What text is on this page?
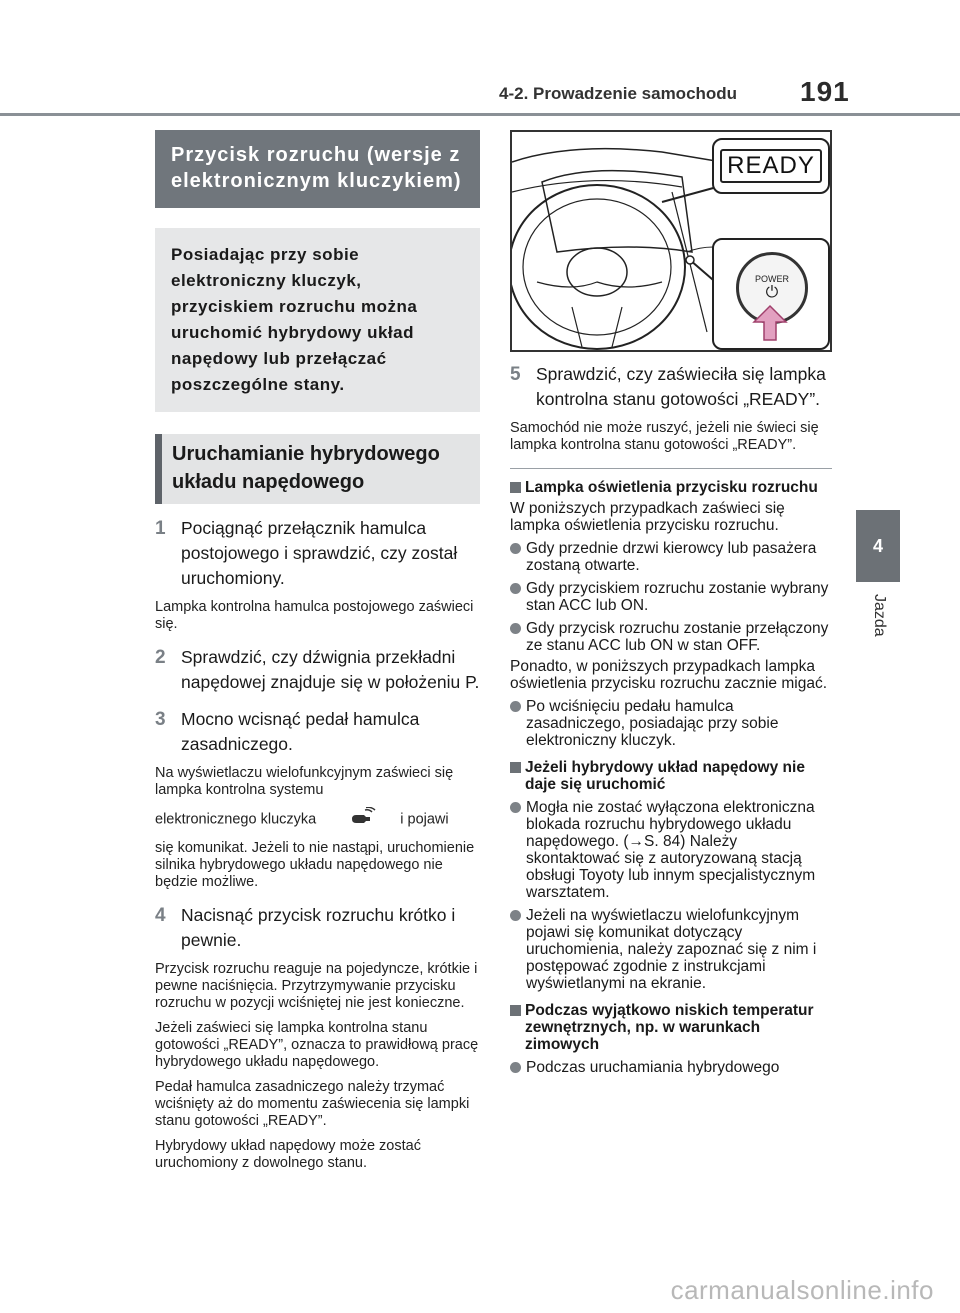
4-2. Prowadzenie samochodu 191
4
Jazda
Przycisk rozruchu (wersje z elektronicznym kluczykiem)
Posiadając przy sobie elektroniczny kluczyk, przyciskiem rozruchu można uruchomić hybrydowy układ napędowy lub przełączać poszczególne stany.
Uruchamianie hybrydowego układu napędowego
1 Pociągnąć przełącznik hamulca postojowego i sprawdzić, czy został uruchomiony.
Lampka kontrolna hamulca postojowego zaświeci się.
2 Sprawdzić, czy dźwignia przekładni napędowej znajduje się w położeniu P.
3 Mocno wcisnąć pedał hamulca zasadniczego.
Na wyświetlaczu wielofunkcyjnym zaświeci się lampka kontrolna systemu
elektronicznego kluczyka	i pojawi
się komunikat. Jeżeli to nie nastąpi, uruchomienie silnika hybrydowego układu napędowego nie będzie możliwe.
4 Nacisnąć przycisk rozruchu krótko i pewnie.
Przycisk rozruchu reaguje na pojedyncze, krótkie i pewne naciśnięcia. Przytrzymywanie przycisku rozruchu w pozycji wciśniętej nie jest konieczne.
Jeżeli zaświeci się lampka kontrolna stanu gotowości „READY”, oznacza to prawidłową pracę hybrydowego układu napędowego.
Pedał hamulca zasadniczego należy trzymać wciśnięty aż do momentu zaświecenia się lampki stanu gotowości „READY”.
Hybrydowy układ napędowy może zostać uruchomiony z dowolnego stanu.
READY
POWER
⏻
5 Sprawdzić, czy zaświeciła się lampka kontrolna stanu gotowości „READY”.
Samochód nie może ruszyć, jeżeli nie świeci się lampka kontrolna stanu gotowości „READY”.
Lampka oświetlenia przycisku rozruchu
W poniższych przypadkach zaświeci się lampka oświetlenia przycisku rozruchu.
Gdy przednie drzwi kierowcy lub pasażera zostaną otwarte.
Gdy przyciskiem rozruchu zostanie wybrany stan ACC lub ON.
Gdy przycisk rozruchu zostanie przełączony ze stanu ACC lub ON w stan OFF.
Ponadto, w poniższych przypadkach lampka oświetlenia przycisku rozruchu zacznie migać.
Po wciśnięciu pedału hamulca zasadniczego, posiadając przy sobie elektroniczny kluczyk.
Jeżeli hybrydowy układ napędowy nie daje się uruchomić
Mogła nie zostać wyłączona elektroniczna blokada rozruchu hybrydowego układu napędowego. (→S. 84) Należy skontaktować się z autoryzowaną stacją obsługi Toyoty lub innym specjalistycznym warsztatem.
Jeżeli na wyświetlaczu wielofunkcyjnym pojawi się komunikat dotyczący uruchomienia, należy zapoznać się z nim i postępować zgodnie z instrukcjami wyświetlanymi na ekranie.
Podczas wyjątkowo niskich temperatur zewnętrznych, np. w warunkach zimowych
Podczas uruchamiania hybrydowego
carmanualsonline.info
